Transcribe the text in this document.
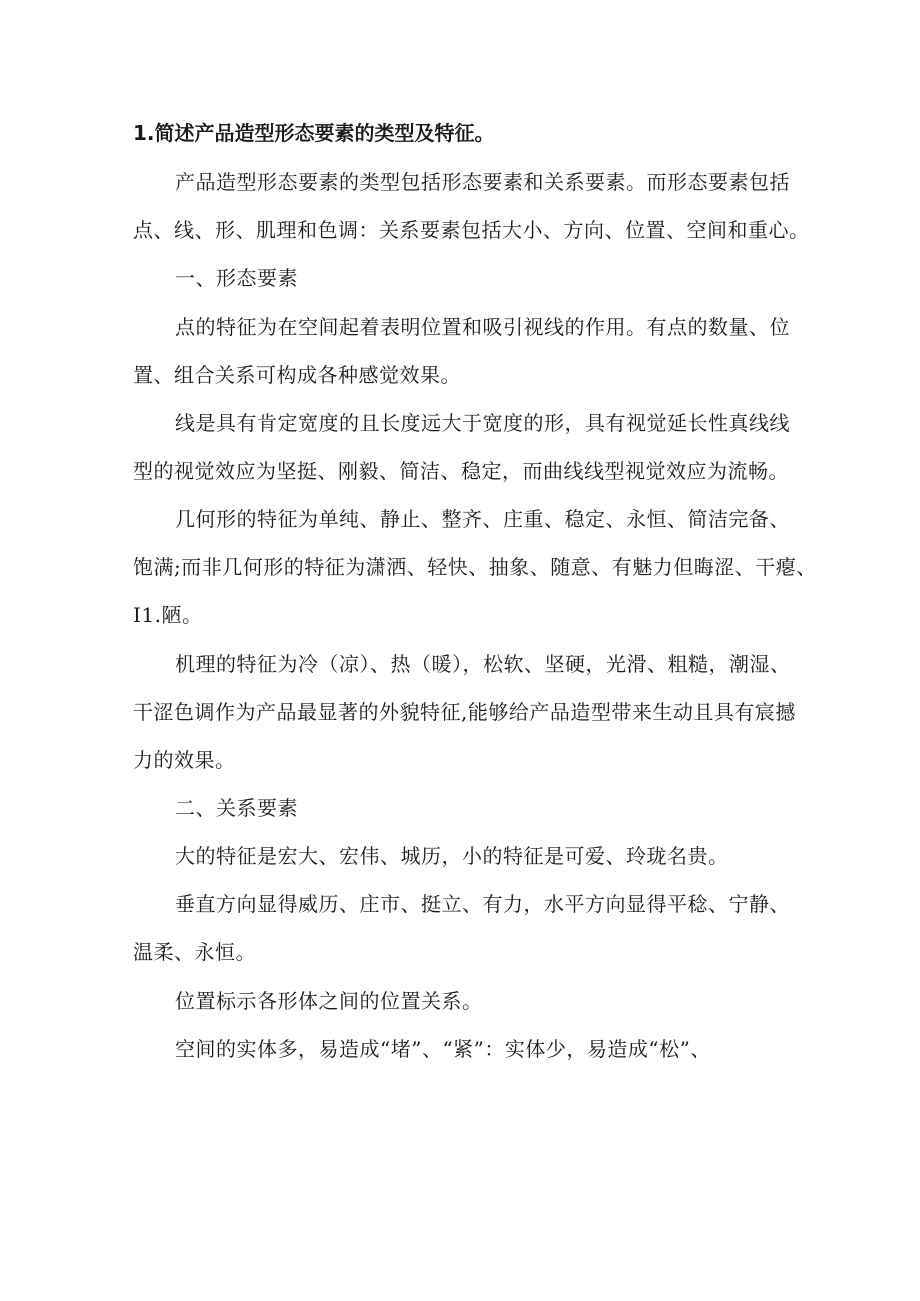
1.简述产品造型形态要素的类型及特征。
产品造型形态要素的类型包括形态要素和关系要素。而形态要素包括
点、线、形、肌理和色调：关系要素包括大小、方向、位置、空间和重心。
一、形态要素
点的特征为在空间起着表明位置和吸引视线的作用。有点的数量、位
置、组合关系可构成各种感觉效果。
线是具有肯定宽度的且长度远大于宽度的形，具有视觉延长性真线线
型的视觉效应为坚挺、刚毅、简洁、稳定，而曲线线型视觉效应为流畅。
几何形的特征为单纯、静止、整齐、庄重、稳定、永恒、简洁完备、
饱满;而非几何形的特征为潇洒、轻快、抽象、随意、有魅力但晦涩、干瘪、
I1.陋。
机理的特征为冷（凉）、热（暖），松软、坚硬，光滑、粗糙，潮湿、
干涩色调作为产品最显著的外貌特征,能够给产品造型带来生动且具有宸撼
力的效果。
二、关系要素
大的特征是宏大、宏伟、城历，小的特征是可爱、玲珑名贵。
垂直方向显得威历、庄市、挺立、有力，水平方向显得平稔、宁静、
温柔、永恒。
位置标示各形体之间的位置关系。
空间的实体多，易造成“堵”、“紧”：实体少，易造成“松”、
